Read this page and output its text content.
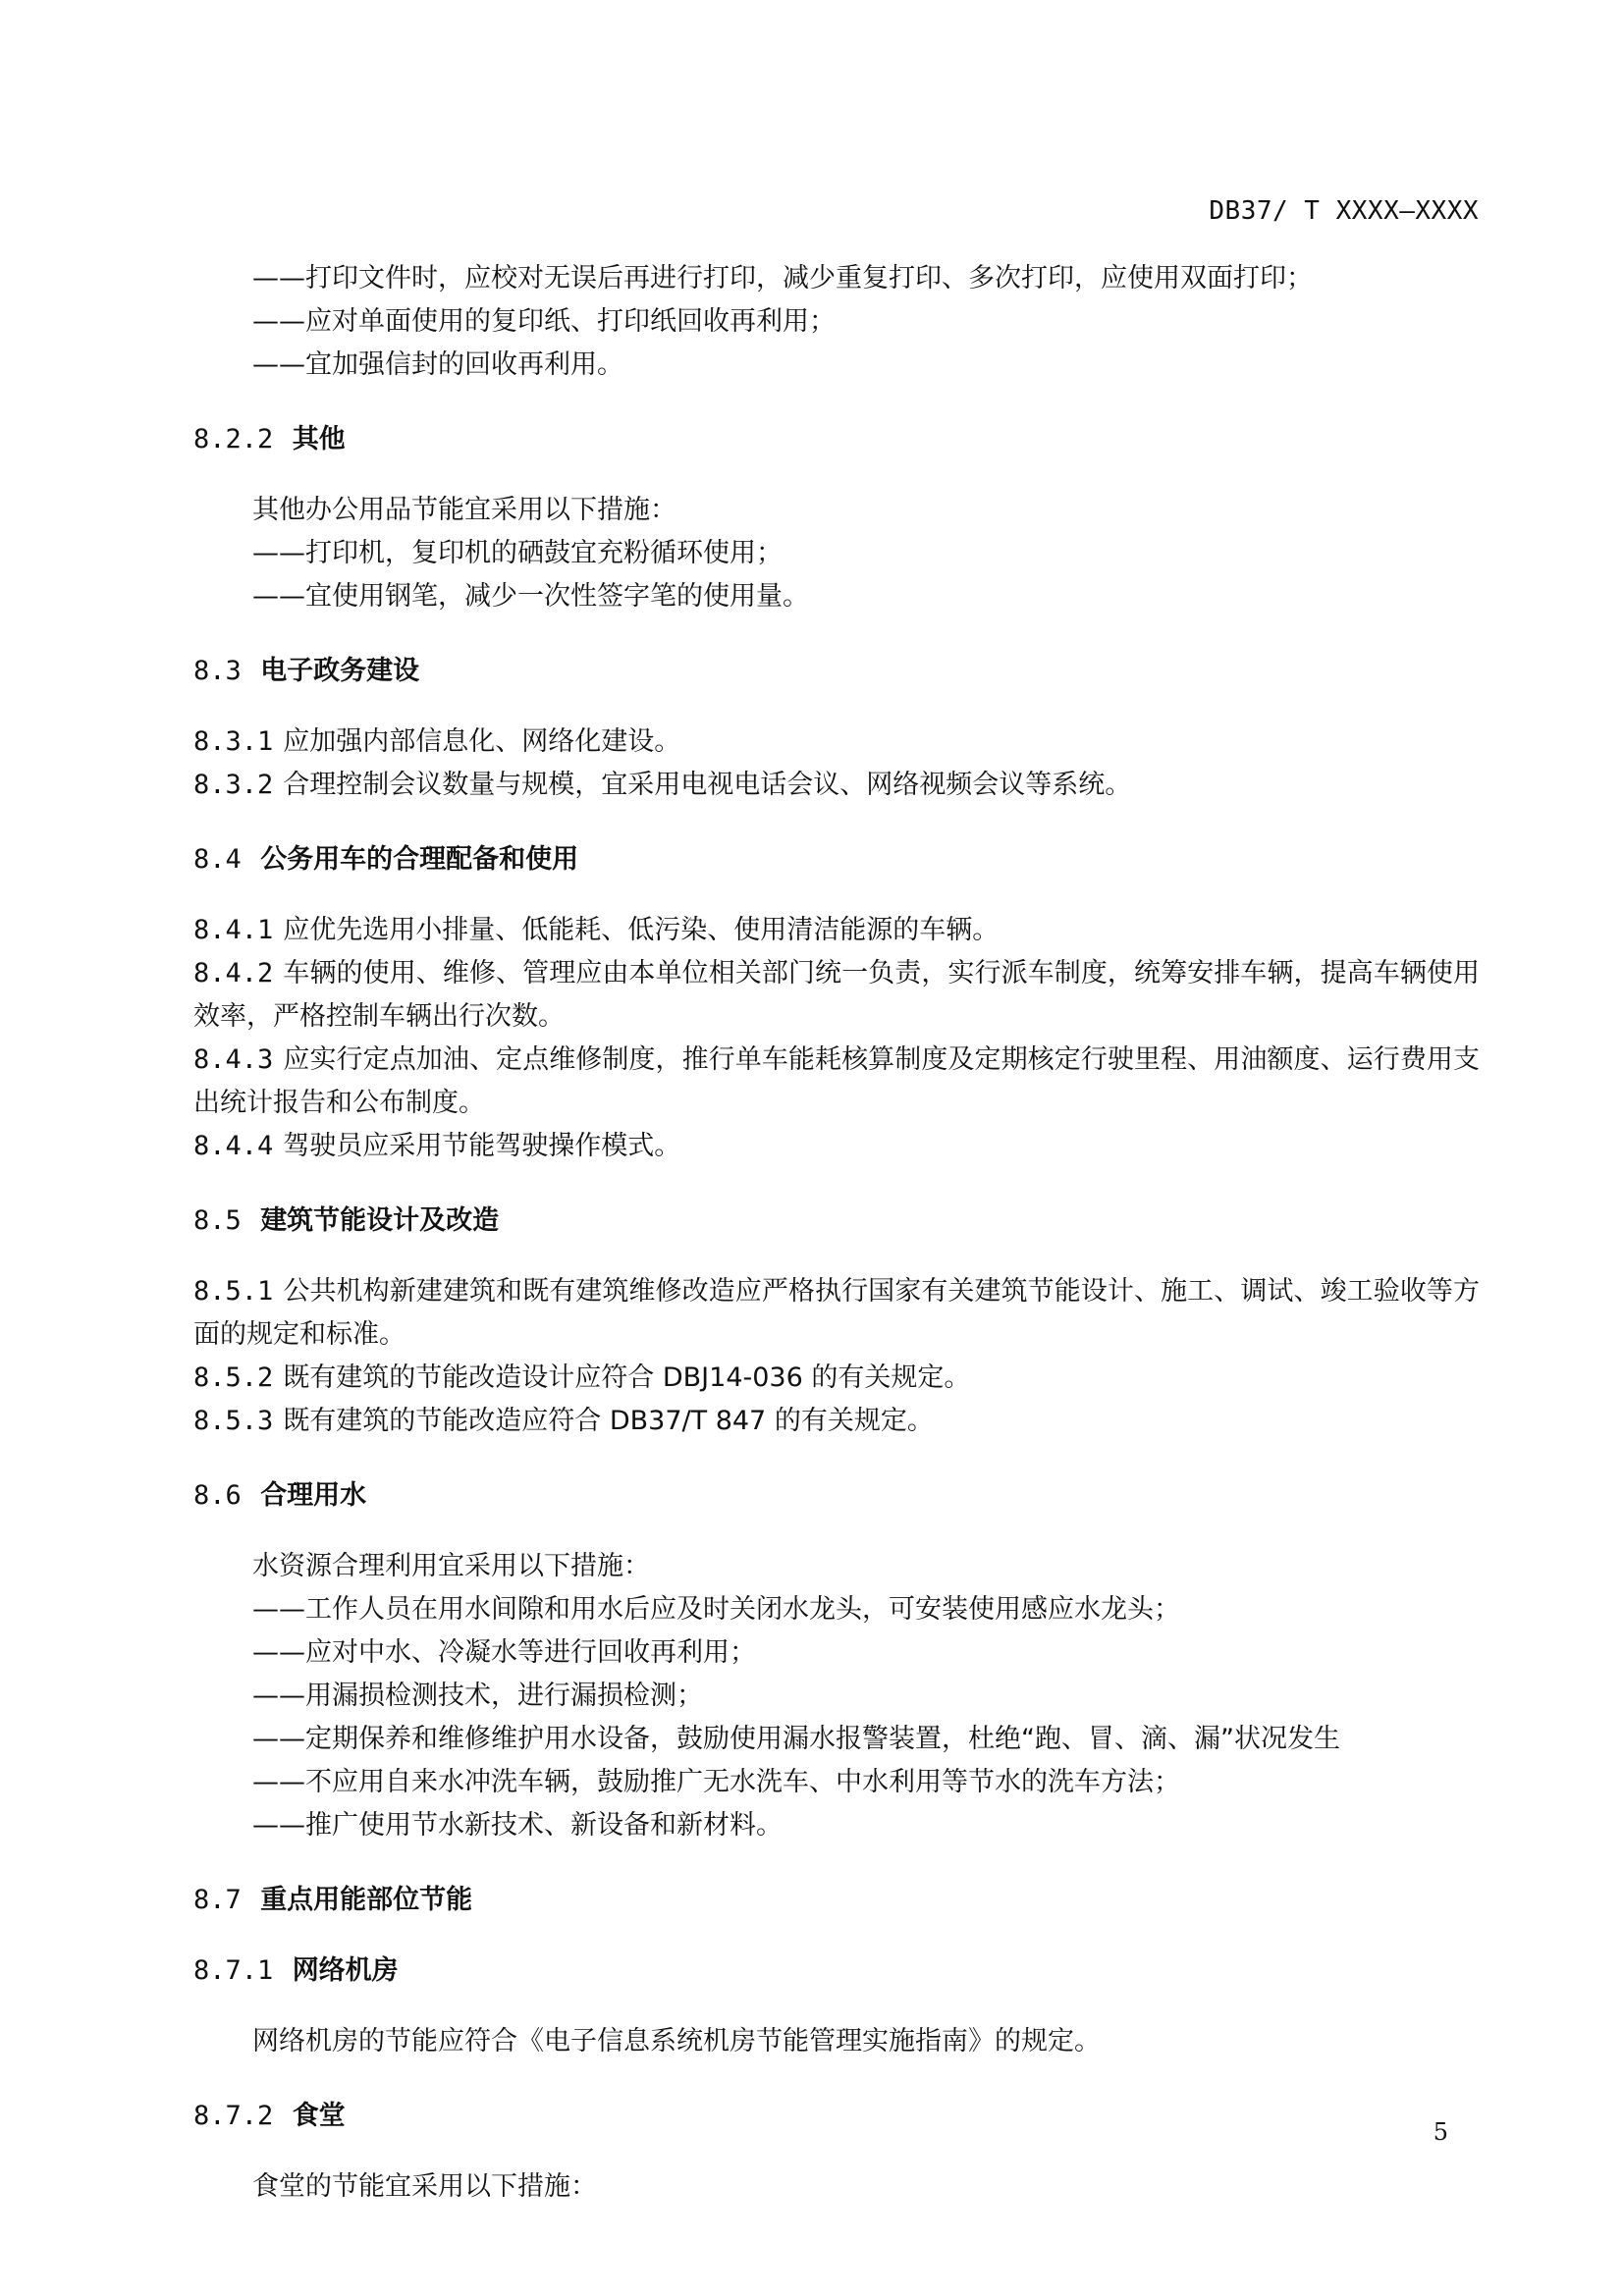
DB37/ T XXXX—XXXX
——打印文件时，应校对无误后再进行打印，减少重复打印、多次打印，应使用双面打印；
——应对单面使用的复印纸、打印纸回收再利用；
——宜加强信封的回收再利用。
8.2.2 其他
其他办公用品节能宜采用以下措施：
——打印机，复印机的硒鼓宜充粉循环使用；
——宜使用钢笔，减少一次性签字笔的使用量。
8.3 电子政务建设
8.3.1 应加强内部信息化、网络化建设。
8.3.2 合理控制会议数量与规模，宜采用电视电话会议、网络视频会议等系统。
8.4 公务用车的合理配备和使用
8.4.1 应优先选用小排量、低能耗、低污染、使用清洁能源的车辆。
8.4.2 车辆的使用、维修、管理应由本单位相关部门统一负责，实行派车制度，统筹安排车辆，提高车辆使用效率，严格控制车辆出行次数。
8.4.3 应实行定点加油、定点维修制度，推行单车能耗核算制度及定期核定行驶里程、用油额度、运行费用支出统计报告和公布制度。
8.4.4 驾驶员应采用节能驾驶操作模式。
8.5 建筑节能设计及改造
8.5.1 公共机构新建建筑和既有建筑维修改造应严格执行国家有关建筑节能设计、施工、调试、竣工验收等方面的规定和标准。
8.5.2 既有建筑的节能改造设计应符合 DBJ14-036 的有关规定。
8.5.3 既有建筑的节能改造应符合 DB37/T 847 的有关规定。
8.6 合理用水
水资源合理利用宜采用以下措施：
——工作人员在用水间隙和用水后应及时关闭水龙头，可安装使用感应水龙头；
——应对中水、冷凝水等进行回收再利用；
——用漏损检测技术，进行漏损检测；
——定期保养和维修维护用水设备，鼓励使用漏水报警装置，杜绝“跑、冒、滴、漏”状况发生
——不应用自来水冲洗车辆，鼓励推广无水洗车、中水利用等节水的洗车方法；
——推广使用节水新技术、新设备和新材料。
8.7 重点用能部位节能
8.7.1 网络机房
网络机房的节能应符合《电子信息系统机房节能管理实施指南》的规定。
8.7.2 食堂
食堂的节能宜采用以下措施：
5
